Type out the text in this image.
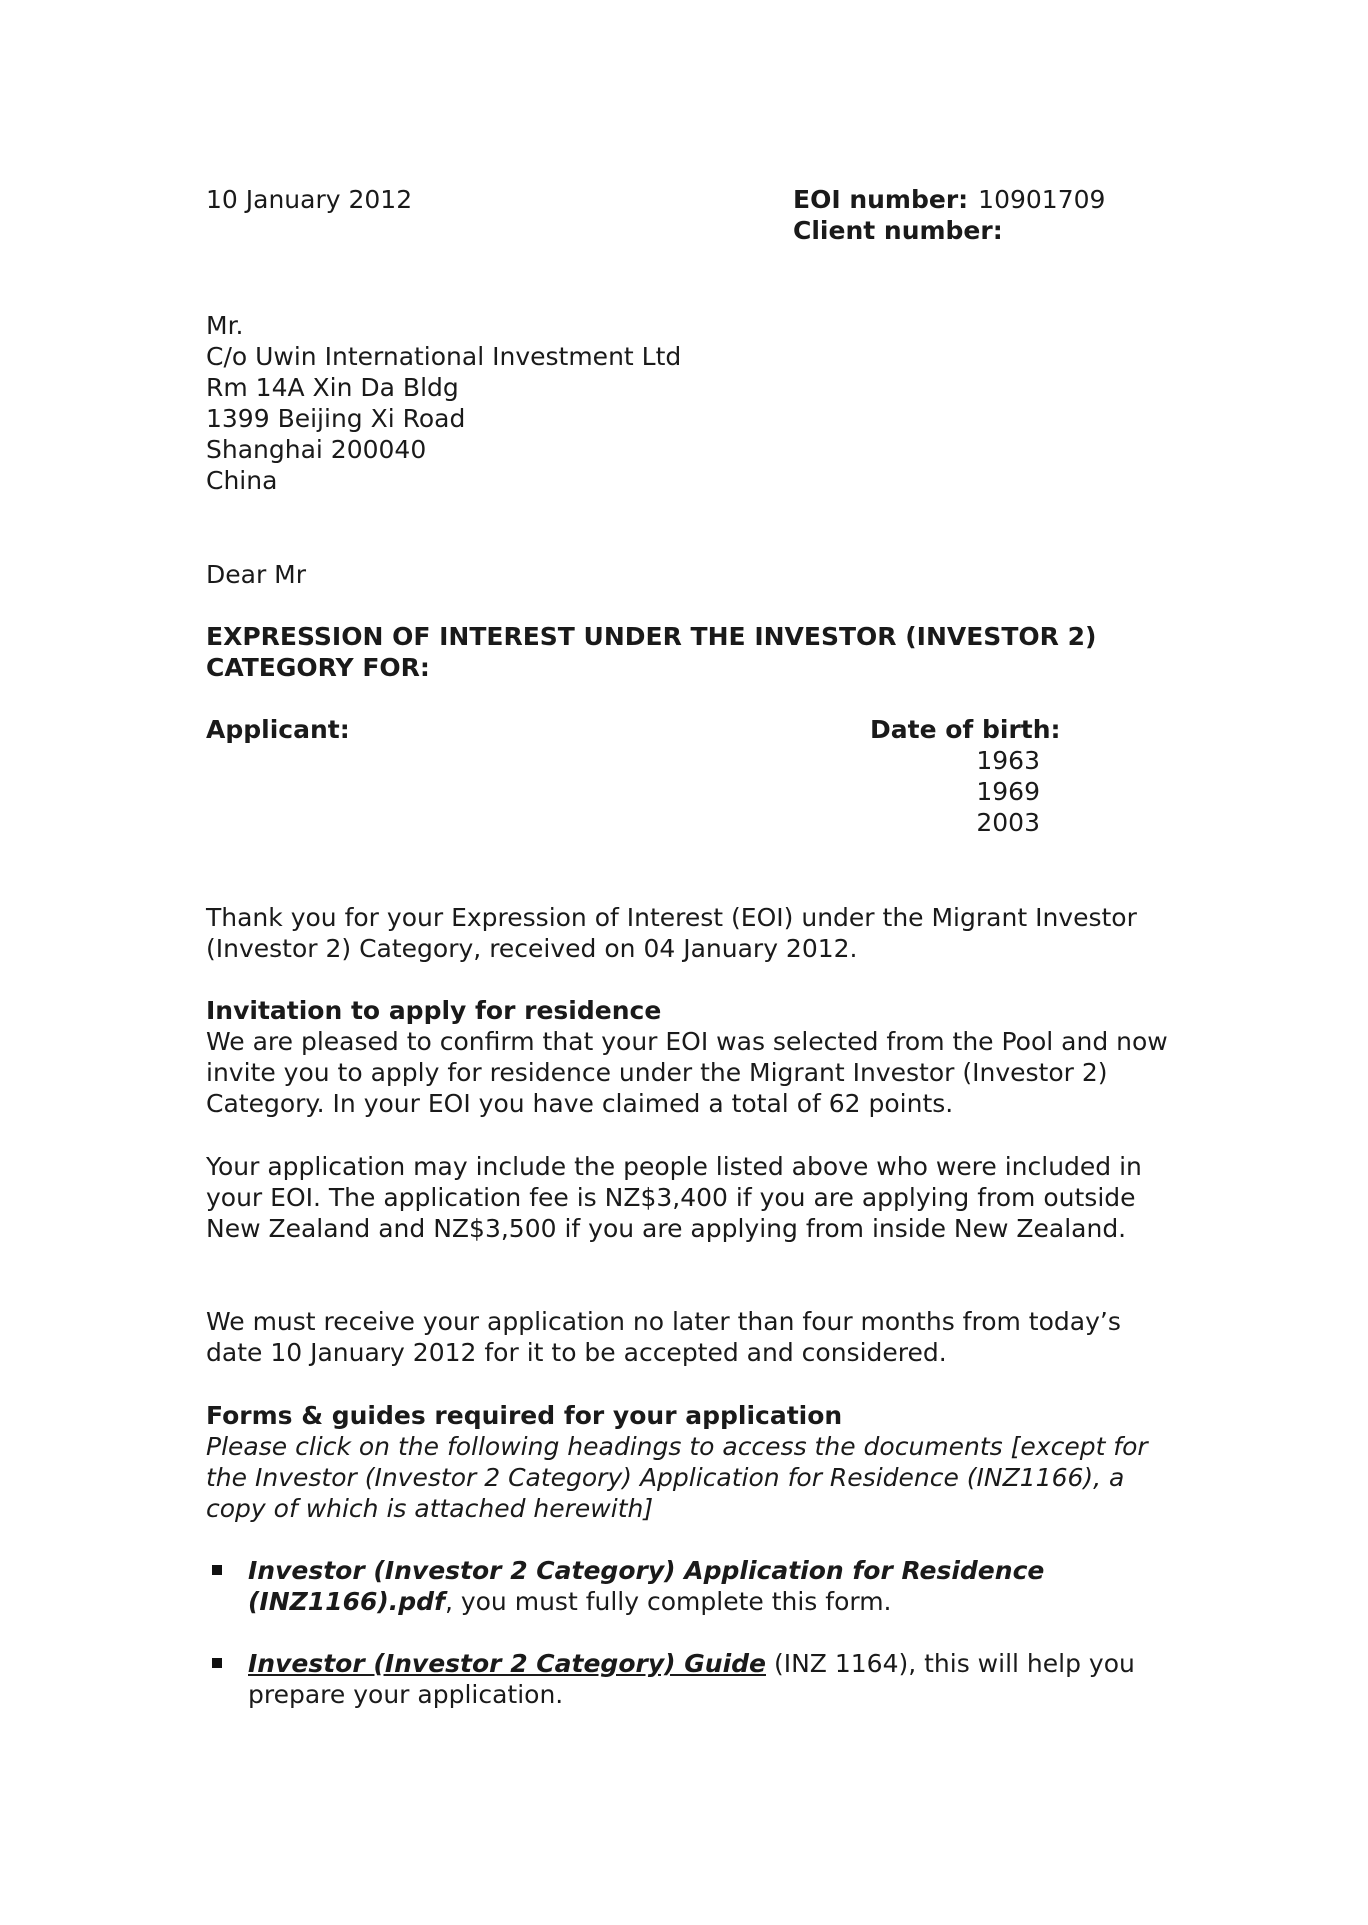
10 January 2012	EOI number: 10901709
Client number:
Mr.
C/o Uwin International Investment Ltd
Rm 14A Xin Da Bldg
1399 Beijing Xi Road
Shanghai 200040
China
Dear Mr
EXPRESSION OF INTEREST UNDER THE INVESTOR (INVESTOR 2)
CATEGORY FOR:
Applicant:	Date of birth:
1963
1969
2003
Thank you for your Expression of Interest (EOI) under the Migrant Investor (Investor 2) Category, received on 04 January 2012.
Invitation to apply for residence
We are pleased to confirm that your EOI was selected from the Pool and now invite you to apply for residence under the Migrant Investor (Investor 2) Category. In your EOI you have claimed a total of 62 points.
Your application may include the people listed above who were included in your EOI. The application fee is NZ$3,400 if you are applying from outside New Zealand and NZ$3,500 if you are applying from inside New Zealand.
We must receive your application no later than four months from today’s date 10 January 2012 for it to be accepted and considered.
Forms & guides required for your application
Please click on the following headings to access the documents [except for the Investor (Investor 2 Category) Application for Residence (INZ1166), a copy of which is attached herewith]
Investor (Investor 2 Category) Application for Residence (INZ1166).pdf, you must fully complete this form.
Investor (Investor 2 Category) Guide (INZ 1164), this will help you prepare your application.
